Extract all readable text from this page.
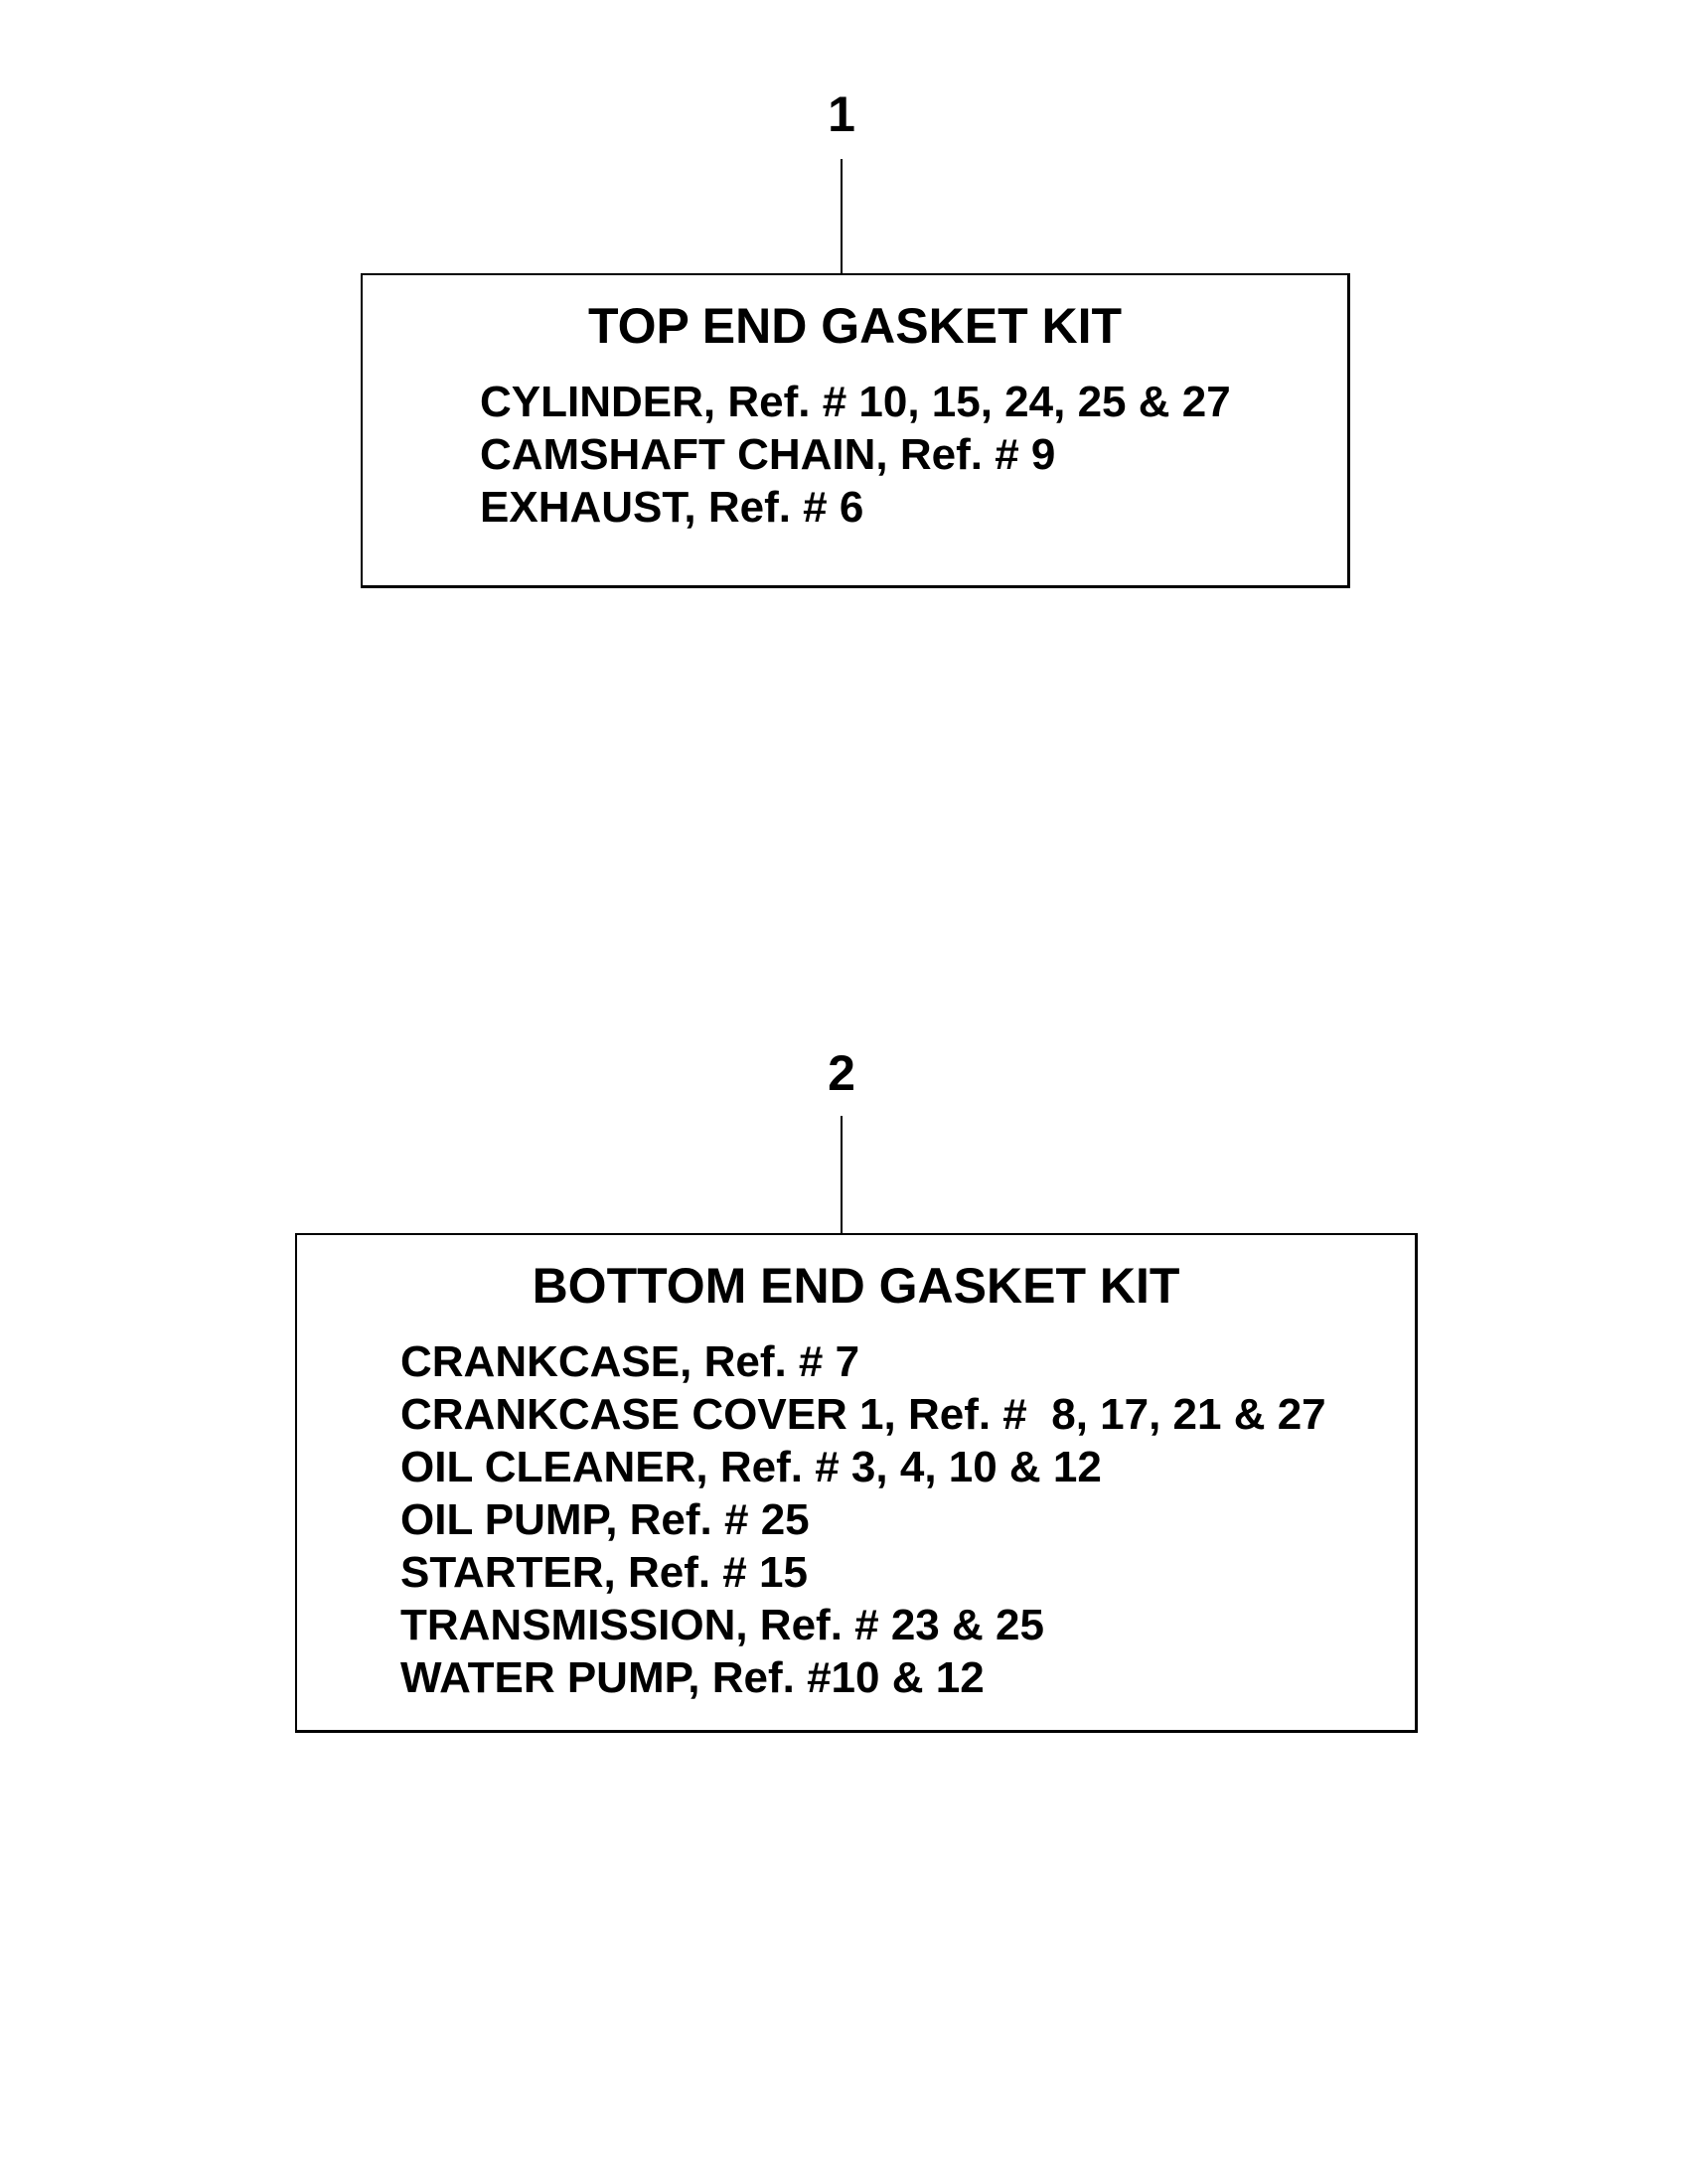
1
TOP END GASKET KIT
CYLINDER, Ref. # 10, 15, 24, 25 & 27
CAMSHAFT CHAIN, Ref. # 9
EXHAUST, Ref. # 6
2
BOTTOM END GASKET KIT
CRANKCASE, Ref. # 7
CRANKCASE COVER 1, Ref. #  8, 17, 21 & 27
OIL CLEANER, Ref. # 3, 4, 10 & 12
OIL PUMP, Ref. # 25
STARTER, Ref. # 15
TRANSMISSION, Ref. # 23 & 25
WATER PUMP, Ref. #10 & 12
